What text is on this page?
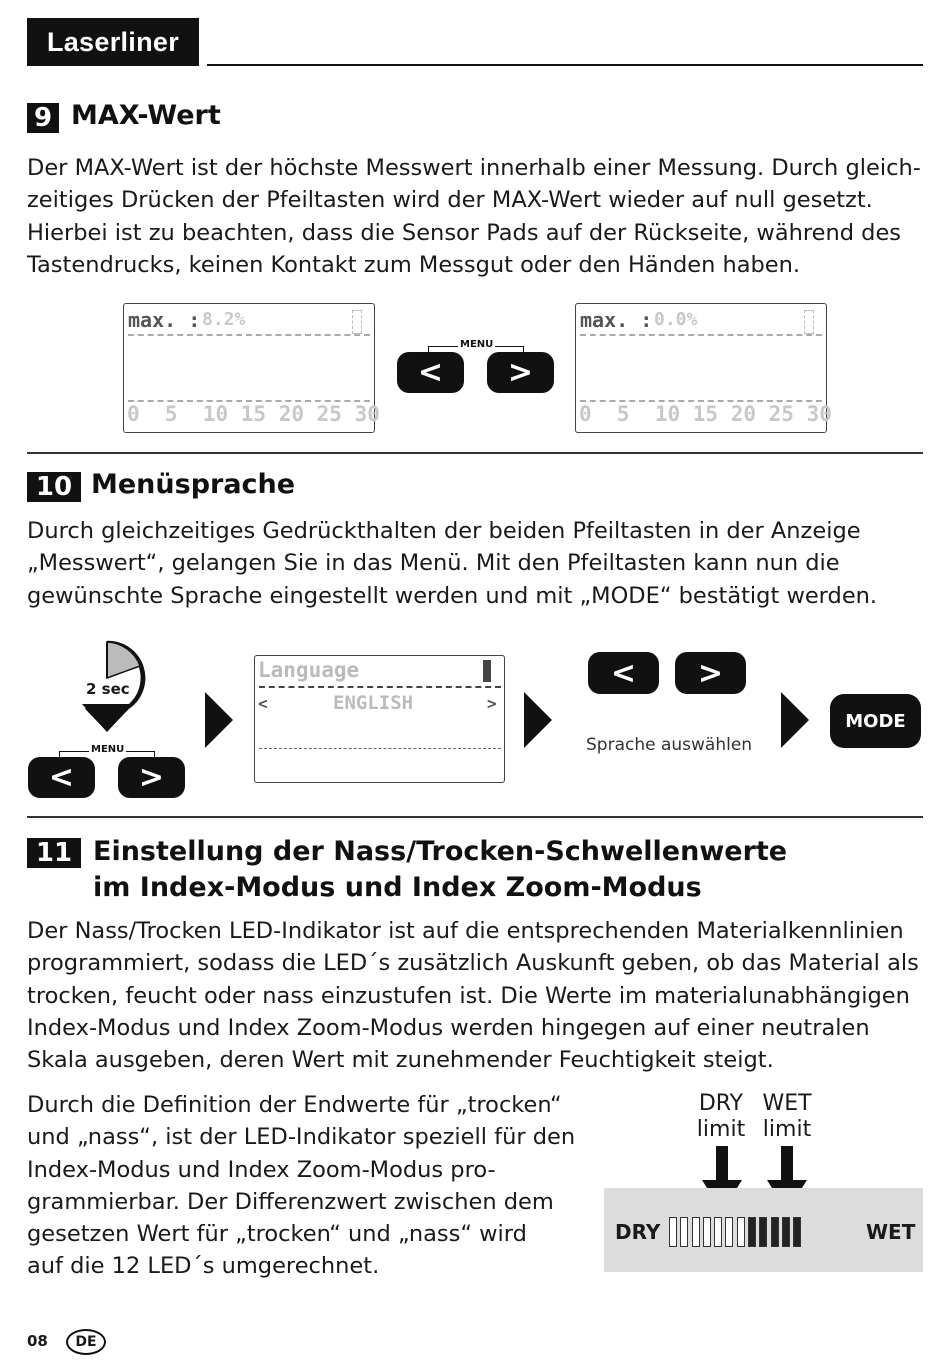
Laserliner
9 MAX-Wert

Der MAX-Wert ist der höchste Messwert innerhalb einer Messung. Durch gleich-

zeitiges Drücken der Pfeiltasten wird der MAX-Wert wieder auf null gesetzt.

Hierbei ist zu beachten, dass die Sensor Pads auf der Rückseite, während des

Tastendrucks, keinen Kontakt zum Messgut oder den Händen haben.

max. : 8.2%
0  5  10 15 20 25 30
MENU
<	>
max. : 0.0%
0  5  10 15 20 25 30
10 Menüsprache

Durch gleichzeitiges Gedrückthalten der beiden Pfeiltasten in der Anzeige

„Messwert“, gelangen Sie in das Menü. Mit den Pfeiltasten kann nun die

gewünschte Sprache eingestellt werden und mit „MODE“ bestätigt werden.

2 sec
MENU
<	>
Language
<	ENGLISH	>
<	>
Sprache auswählen
MODE
11 Einstellung der Nass/Trocken-Schwellenwerte
im Index-Modus und Index Zoom-Modus

Der Nass/Trocken LED-Indikator ist auf die entsprechenden Materialkennlinien

programmiert, sodass die LED´s zusätzlich Auskunft geben, ob das Material als

trocken, feucht oder nass einzustufen ist. Die Werte im materialunabhängigen

Index-Modus und Index Zoom-Modus werden hingegen auf einer neutralen

Skala ausgeben, deren Wert mit zunehmender Feuchtigkeit steigt.

Durch die Definition der Endwerte für „trocken“

und „nass“, ist der LED-Indikator speziell für den

Index-Modus und Index Zoom-Modus pro-

grammierbar. Der Differenzwert zwischen dem

gesetzen Wert für „trocken“ und „nass“ wird

auf die 12 LED´s umgerechnet.

DRY
limit
WET
limit
DRY	WET
08	DE
